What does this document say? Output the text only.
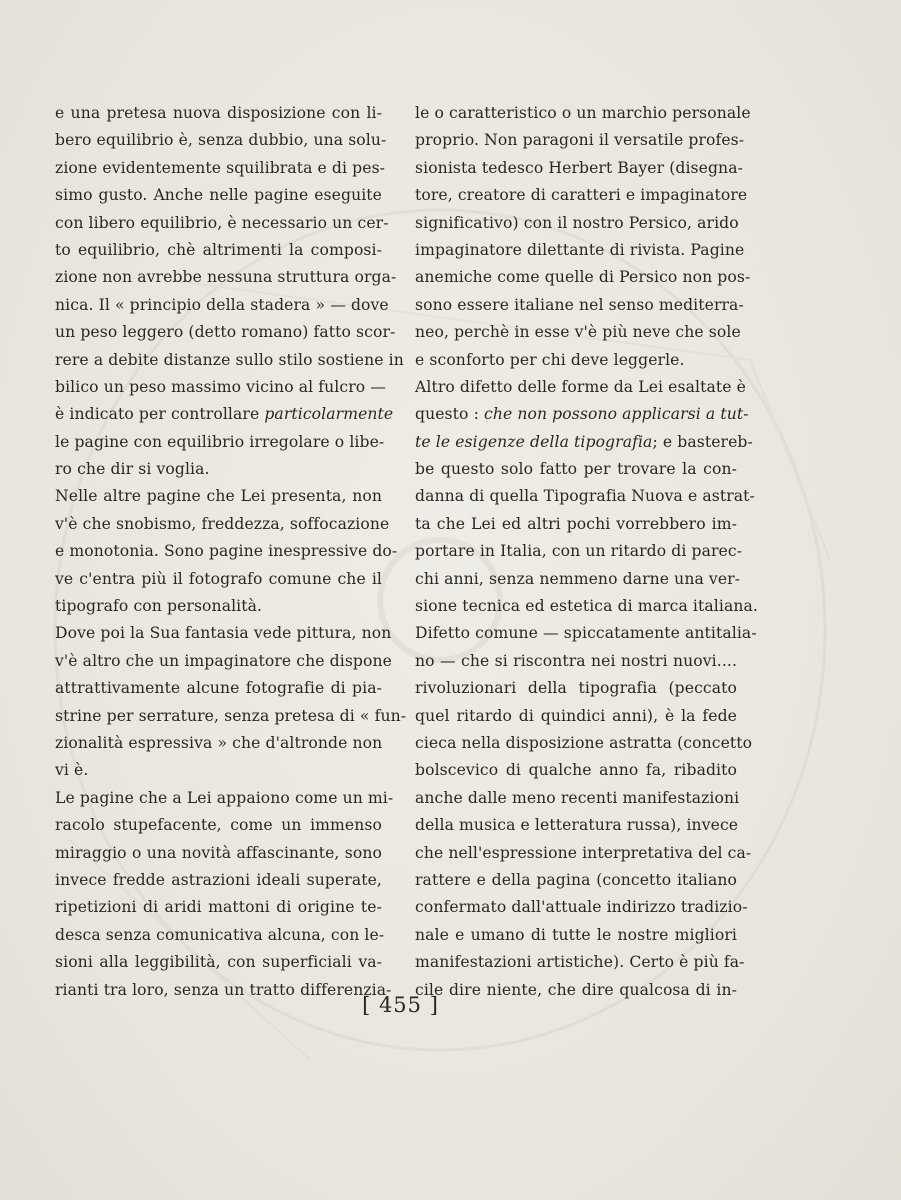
e una pretesa nuova disposizione con li-
bero equilibrio è, senza dubbio, una solu-
zione evidentemente squilibrata e di pes-
simo gusto. Anche nelle pagine eseguite
con libero equilibrio, è necessario un cer-
to equilibrio, chè altrimenti la composi-
zione non avrebbe nessuna struttura orga-
nica. Il « principio della stadera » — dove
un peso leggero (detto romano) fatto scor-
rere a debite distanze sullo stilo sostiene in
bilico un peso massimo vicino al fulcro —
è indicato per controllare particolarmente
le pagine con equilibrio irregolare o libe-
ro che dir si voglia.
Nelle altre pagine che Lei presenta, non
v'è che snobismo, freddezza, soffocazione
e monotonia. Sono pagine inespressive do-
ve c'entra più il fotografo comune che il
tipografo con personalità.
Dove poi la Sua fantasia vede pittura, non
v'è altro che un impaginatore che dispone
attrattivamente alcune fotografie di pia-
strine per serrature, senza pretesa di « fun-
zionalità espressiva » che d'altronde non
vi è.
Le pagine che a Lei appaiono come un mi-
racolo stupefacente, come un immenso
miraggio o una novità affascinante, sono
invece fredde astrazioni ideali superate,
ripetizioni di aridi mattoni di origine te-
desca senza comunicativa alcuna, con le-
sioni alla leggibilità, con superficiali va-
rianti tra loro, senza un tratto differenzia-
le o caratteristico o un marchio personale
proprio. Non paragoni il versatile profes-
sionista tedesco Herbert Bayer (disegna-
tore, creatore di caratteri e impaginatore
significativo) con il nostro Persico, arido
impaginatore dilettante di rivista. Pagine
anemiche come quelle di Persico non pos-
sono essere italiane nel senso mediterra-
neo, perchè in esse v'è più neve che sole
e sconforto per chi deve leggerle.
Altro difetto delle forme da Lei esaltate è
questo : che non possono applicarsi a tut-
te le esigenze della tipografia; e bastereb-
be questo solo fatto per trovare la con-
danna di quella Tipografia Nuova e astrat-
ta che Lei ed altri pochi vorrebbero im-
portare in Italia, con un ritardo di parec-
chi anni, senza nemmeno darne una ver-
sione tecnica ed estetica di marca italiana.
Difetto comune — spiccatamente antitalia-
no — che si riscontra nei nostri nuovi....
rivoluzionari della tipografia (peccato
quel ritardo di quindici anni), è la fede
cieca nella disposizione astratta (concetto
bolscevico di qualche anno fa, ribadito
anche dalle meno recenti manifestazioni
della musica e letteratura russa), invece
che nell'espressione interpretativa del ca-
rattere e della pagina (concetto italiano
confermato dall'attuale indirizzo tradizio-
nale e umano di tutte le nostre migliori
manifestazioni artistiche). Certo è più fa-
cile dire niente, che dire qualcosa di in-
[ 455 ]
